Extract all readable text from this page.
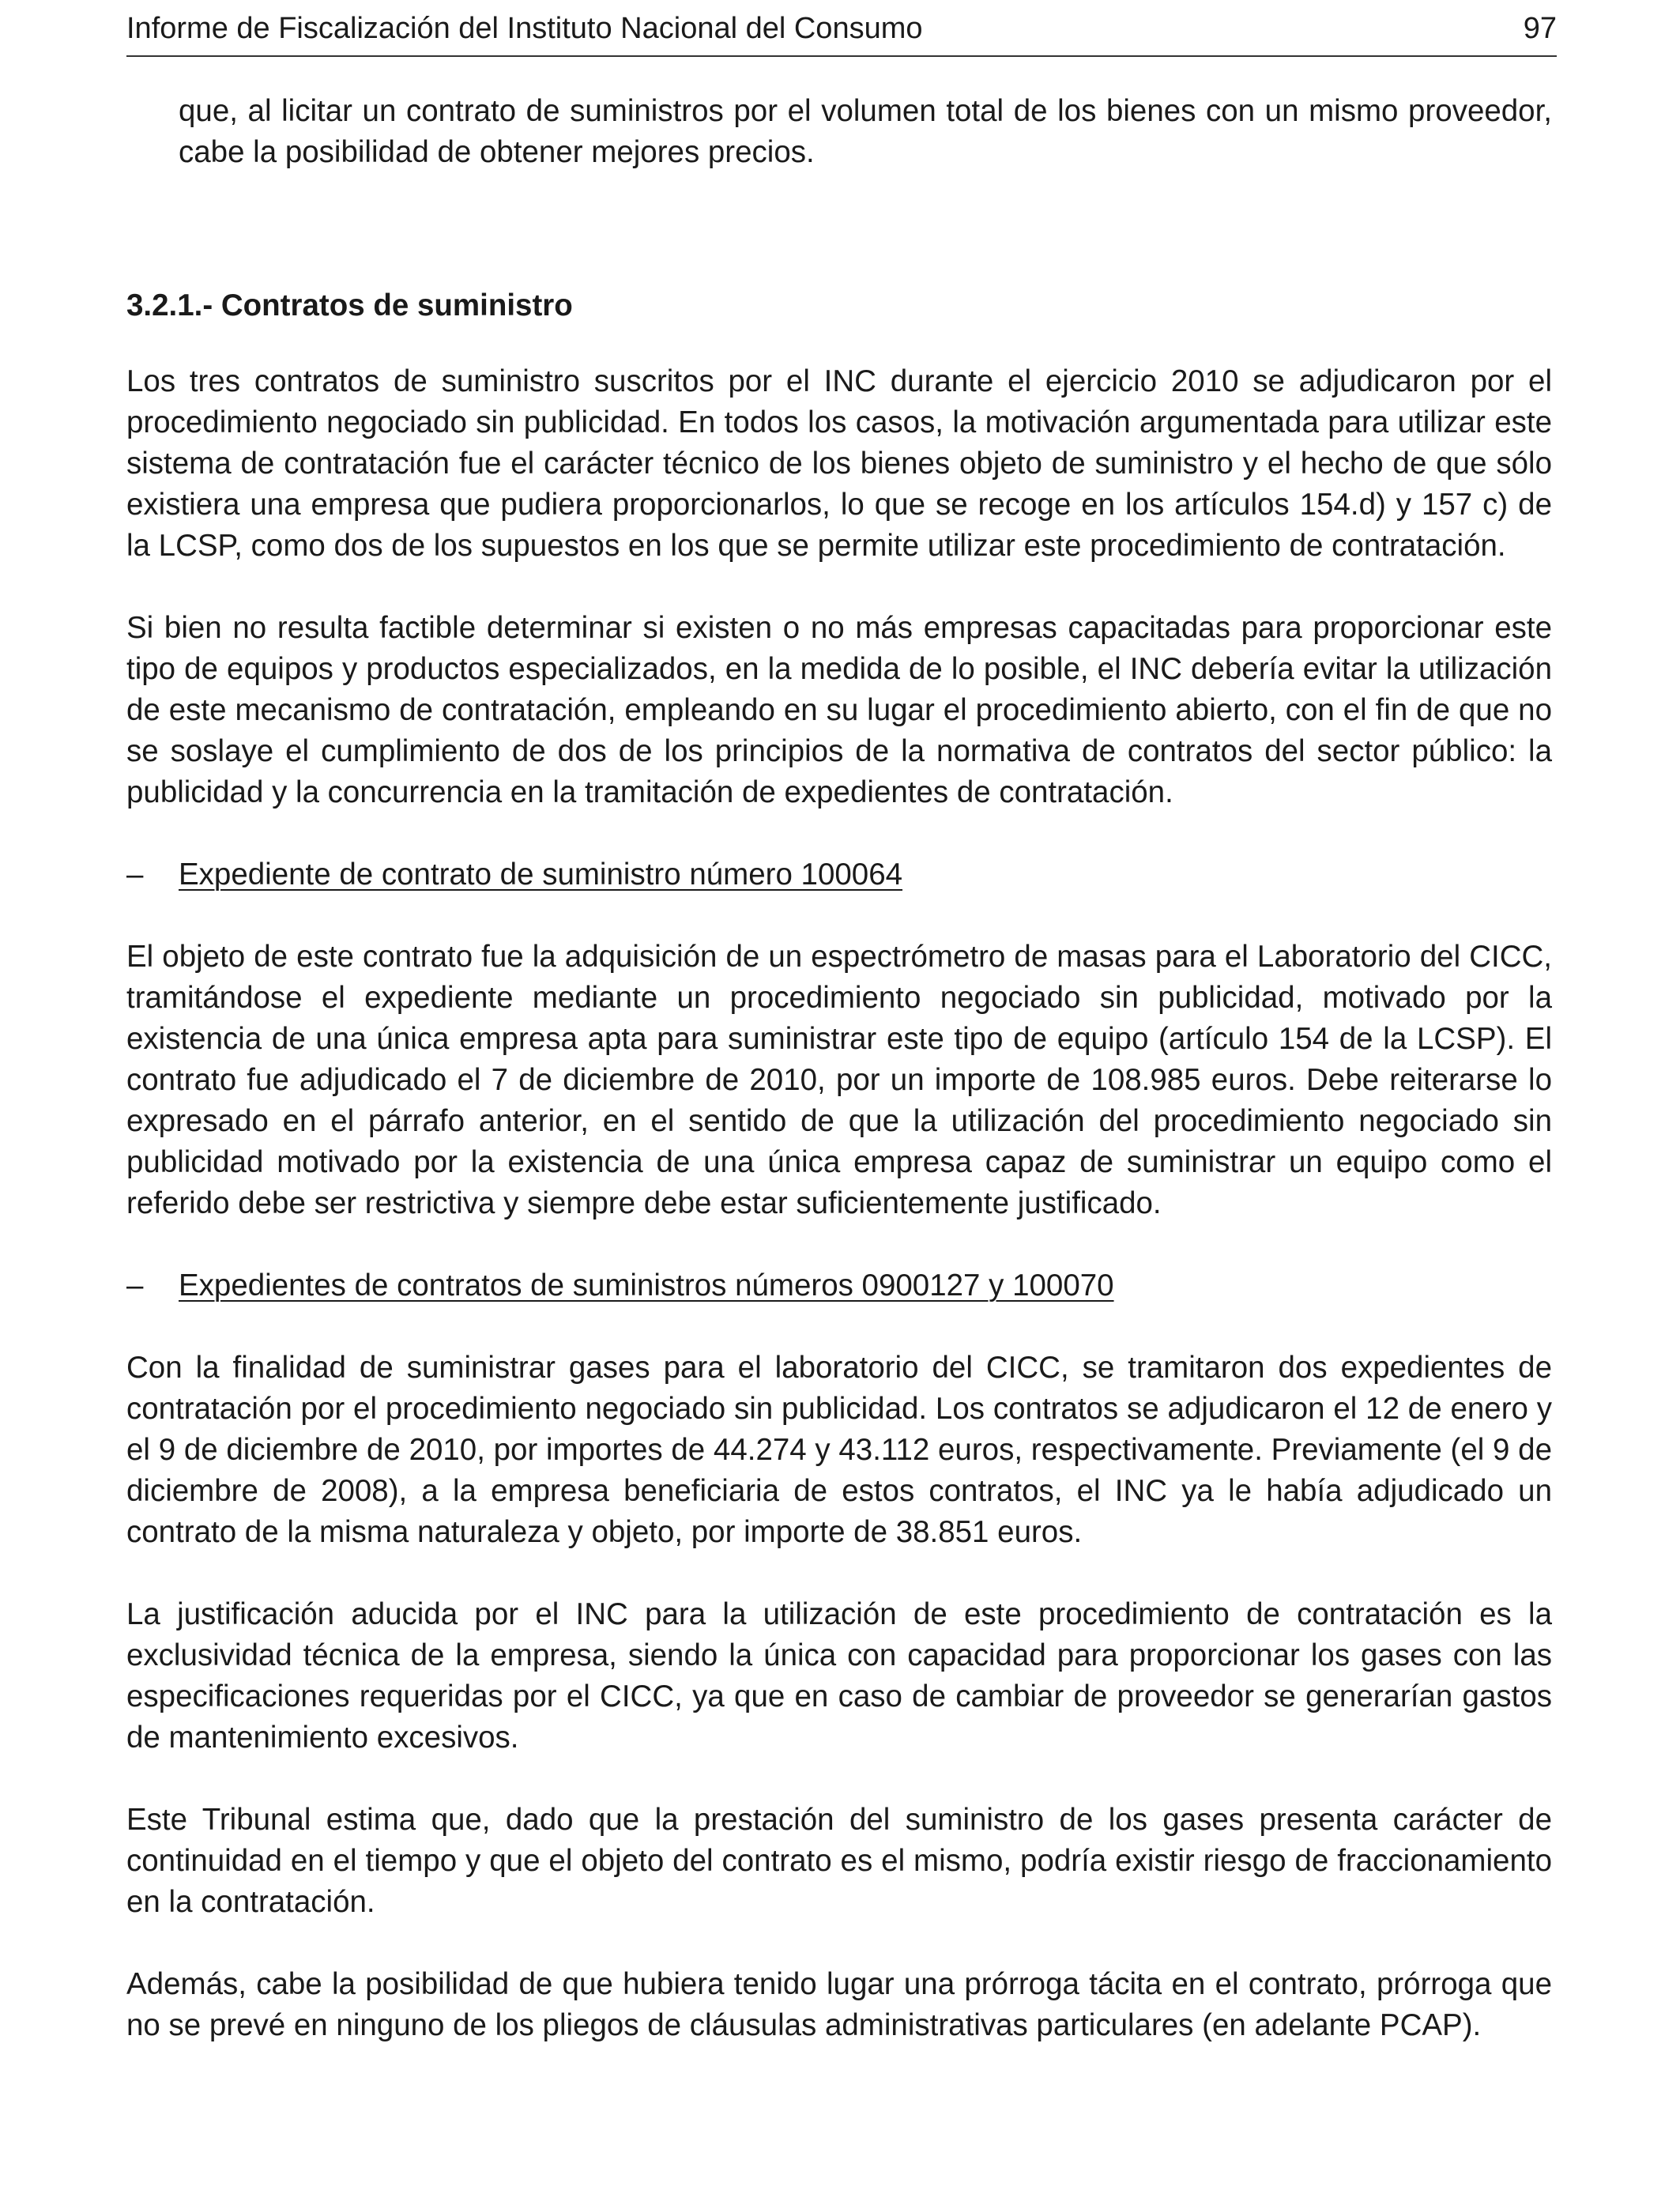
Informe de Fiscalización del Instituto Nacional del Consumo	97

que, al licitar un contrato de suministros por el volumen total de los bienes con un mismo proveedor, cabe la posibilidad de obtener mejores precios.

3.2.1.- Contratos de suministro

Los tres contratos de suministro suscritos por el INC durante el ejercicio 2010 se adjudicaron por el procedimiento negociado sin publicidad. En todos los casos, la motivación argumentada para utilizar este sistema de contratación fue el carácter técnico de los bienes objeto de suministro y el hecho de que sólo existiera una empresa que pudiera proporcionarlos, lo que se recoge en los artículos 154.d) y 157 c) de la LCSP, como dos de los supuestos en los que se permite utilizar este procedimiento de contratación.

Si bien no resulta factible determinar si existen o no más empresas capacitadas para proporcionar este tipo de equipos y productos especializados, en la medida de lo posible, el INC debería evitar la utilización de este mecanismo de contratación, empleando en su lugar el procedimiento abierto, con el fin de que no se soslaye el cumplimiento de dos de los principios de la normativa de contratos del sector público: la publicidad y la concurrencia en la tramitación de expedientes de contratación.

– Expediente de contrato de suministro número 100064

El objeto de este contrato fue la adquisición de un espectrómetro de masas para el Laboratorio del CICC, tramitándose el expediente mediante un procedimiento negociado sin publicidad, motivado por la existencia de una única empresa apta para suministrar este tipo de equipo (artículo 154 de la LCSP). El contrato fue adjudicado el 7 de diciembre de 2010, por un importe de 108.985 euros. Debe reiterarse lo expresado en el párrafo anterior, en el sentido de que la utilización del procedimiento negociado sin publicidad motivado por la existencia de una única empresa capaz de suministrar un equipo como el referido debe ser restrictiva y siempre debe estar suficientemente justificado.

– Expedientes de contratos de suministros números 0900127 y 100070

Con la finalidad de suministrar gases para el laboratorio del CICC, se tramitaron dos expedientes de contratación por el procedimiento negociado sin publicidad. Los contratos se adjudicaron el 12 de enero y el 9 de diciembre de 2010, por importes de 44.274 y 43.112 euros, respectivamente. Previamente (el 9 de diciembre de 2008), a la empresa beneficiaria de estos contratos, el INC ya le había adjudicado un contrato de la misma naturaleza y objeto, por importe de 38.851 euros.

La justificación aducida por el INC para la utilización de este procedimiento de contratación es la exclusividad técnica de la empresa, siendo la única con capacidad para proporcionar los gases con las especificaciones requeridas por el CICC, ya que en caso de cambiar de proveedor se generarían gastos de mantenimiento excesivos.

Este Tribunal estima que, dado que la prestación del suministro de los gases presenta carácter de continuidad en el tiempo y que el objeto del contrato es el mismo, podría existir riesgo de fraccionamiento en la contratación.

Además, cabe la posibilidad de que hubiera tenido lugar una prórroga tácita en el contrato, prórroga que no se prevé en ninguno de los pliegos de cláusulas administrativas particulares (en adelante PCAP).
